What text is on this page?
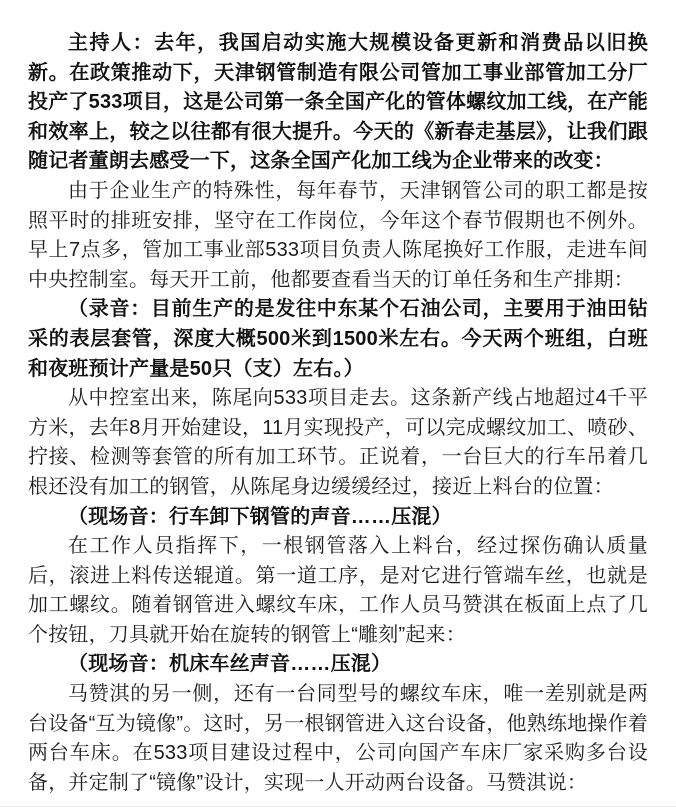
主持人：去年，我国启动实施大规模设备更新和消费品以旧换新。在政策推动下，天津钢管制造有限公司管加工事业部管加工分厂投产了533项目，这是公司第一条全国产化的管体螺纹加工线，在产能和效率上，较之以往都有很大提升。今天的《新春走基层》，让我们跟随记者董朗去感受一下，这条全国产化加工线为企业带来的改变：

由于企业生产的特殊性，每年春节，天津钢管公司的职工都是按照平时的排班安排，坚守在工作岗位，今年这个春节假期也不例外。早上7点多，管加工事业部533项目负责人陈尾换好工作服，走进车间中央控制室。每天开工前，他都要查看当天的订单任务和生产排期：

（录音：目前生产的是发往中东某个石油公司，主要用于油田钻采的表层套管，深度大概500米到1500米左右。今天两个班组，白班和夜班预计产量是50只（支）左右。）

从中控室出来，陈尾向533项目走去。这条新产线占地超过4千平方米，去年8月开始建设，11月实现投产，可以完成螺纹加工、喷砂、拧接、检测等套管的所有加工环节。正说着，一台巨大的行车吊着几根还没有加工的钢管，从陈尾身边缓缓经过，接近上料台的位置：

（现场音：行车卸下钢管的声音……压混）

在工作人员指挥下，一根钢管落入上料台，经过探伤确认质量后，滚进上料传送辊道。第一道工序，是对它进行管端车丝，也就是加工螺纹。随着钢管进入螺纹车床，工作人员马赞淇在板面上点了几个按钮，刀具就开始在旋转的钢管上“雕刻”起来：

（现场音：机床车丝声音……压混）

马赞淇的另一侧，还有一台同型号的螺纹车床，唯一差别就是两台设备“互为镜像”。这时，另一根钢管进入这台设备，他熟练地操作着两台车床。在533项目建设过程中，公司向国产车床厂家采购多台设备，并定制了“镜像”设计，实现一人开动两台设备。马赞淇说：
